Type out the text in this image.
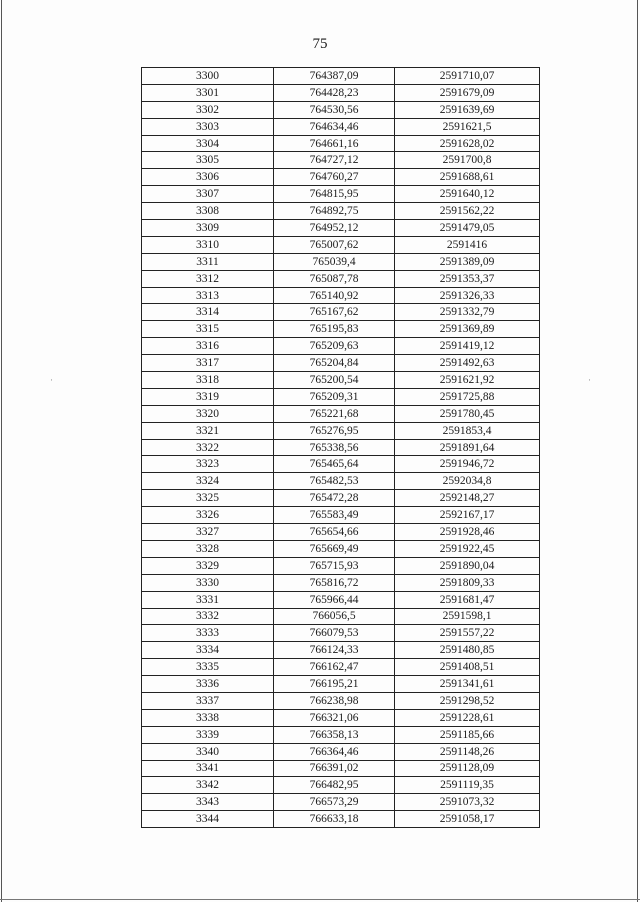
75
3300	764387,09	2591710,07
3301	764428,23	2591679,09
3302	764530,56	2591639,69
3303	764634,46	2591621,5
3304	764661,16	2591628,02
3305	764727,12	2591700,8
3306	764760,27	2591688,61
3307	764815,95	2591640,12
3308	764892,75	2591562,22
3309	764952,12	2591479,05
3310	765007,62	2591416
3311	765039,4	2591389,09
3312	765087,78	2591353,37
3313	765140,92	2591326,33
3314	765167,62	2591332,79
3315	765195,83	2591369,89
3316	765209,63	2591419,12
3317	765204,84	2591492,63
3318	765200,54	2591621,92
3319	765209,31	2591725,88
3320	765221,68	2591780,45
3321	765276,95	2591853,4
3322	765338,56	2591891,64
3323	765465,64	2591946,72
3324	765482,53	2592034,8
3325	765472,28	2592148,27
3326	765583,49	2592167,17
3327	765654,66	2591928,46
3328	765669,49	2591922,45
3329	765715,93	2591890,04
3330	765816,72	2591809,33
3331	765966,44	2591681,47
3332	766056,5	2591598,1
3333	766079,53	2591557,22
3334	766124,33	2591480,85
3335	766162,47	2591408,51
3336	766195,21	2591341,61
3337	766238,98	2591298,52
3338	766321,06	2591228,61
3339	766358,13	2591185,66
3340	766364,46	2591148,26
3341	766391,02	2591128,09
3342	766482,95	2591119,35
3343	766573,29	2591073,32
3344	766633,18	2591058,17
·	·
